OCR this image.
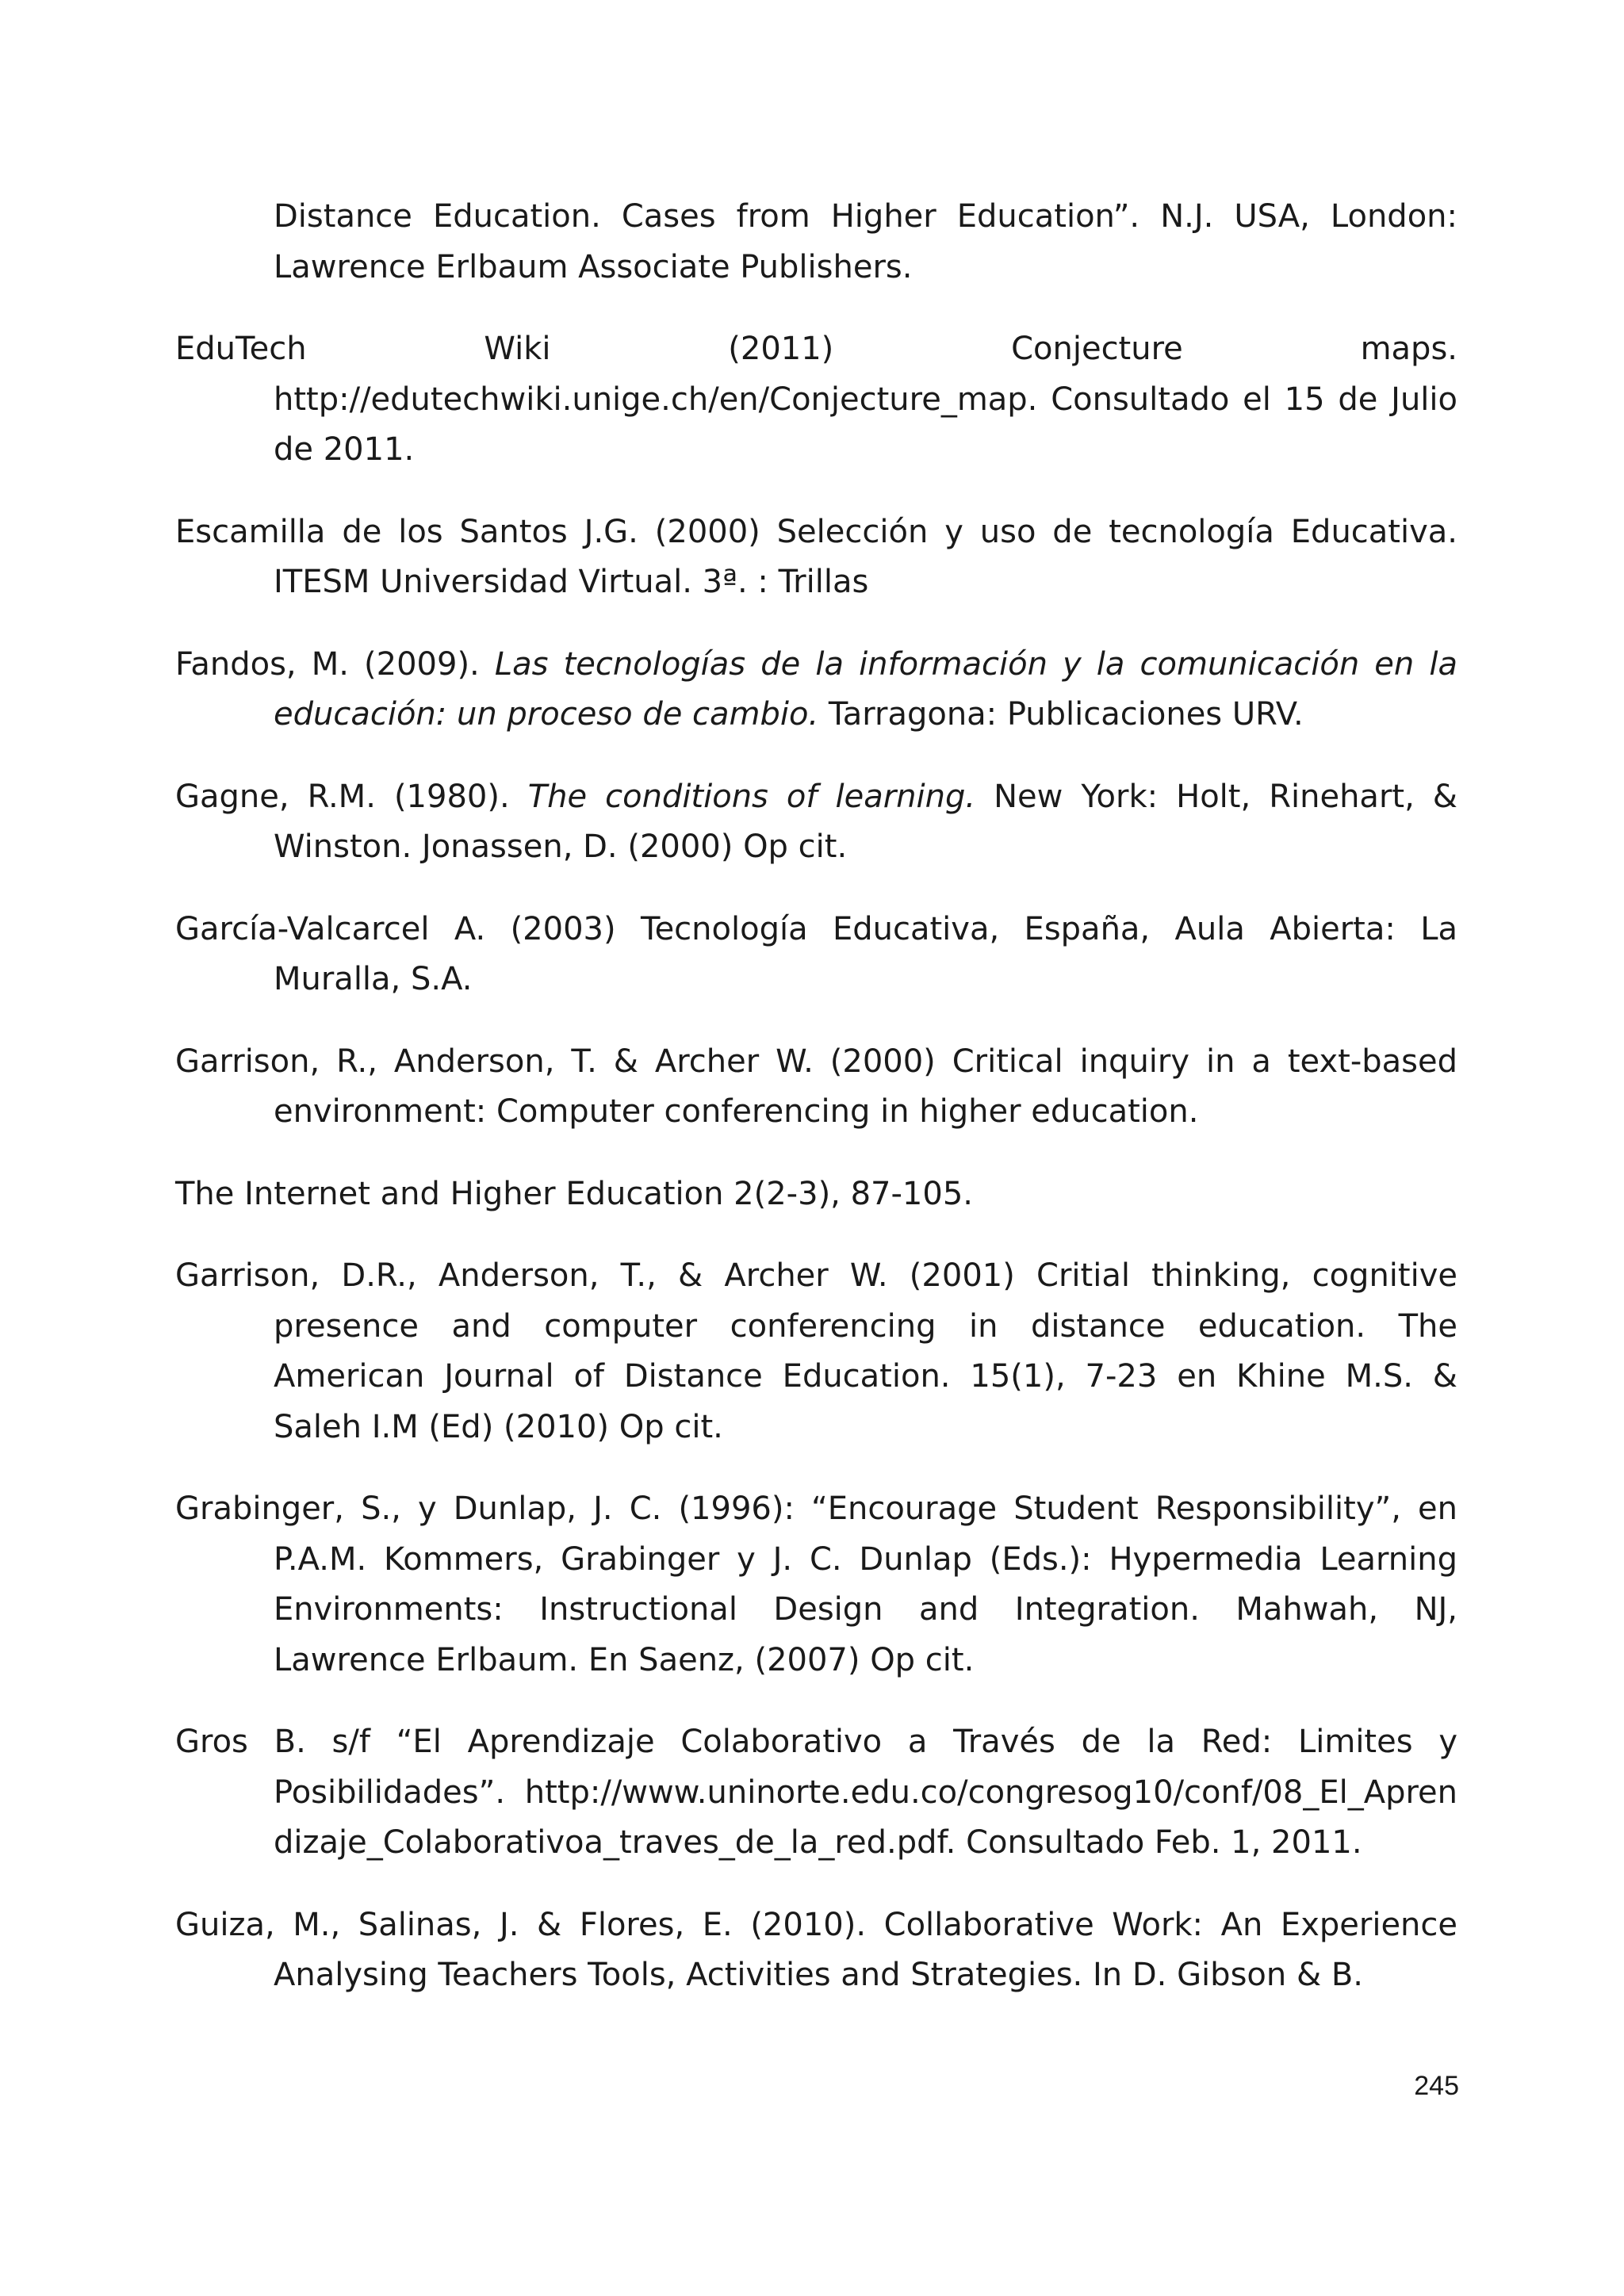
Distance Education. Cases from Higher Education”. N.J. USA, London: Lawrence Erlbaum Associate Publishers.

EduTech Wiki (2011) Conjecture maps. http://edutechwiki.unige.ch/en/Conjecture_map. Consultado el 15 de Julio de 2011.

Escamilla de los Santos J.G. (2000) Selección y uso de tecnología Educativa. ITESM Universidad Virtual. 3ª. : Trillas

Fandos, M. (2009). Las tecnologías de la información y la comunicación en la educación: un proceso de cambio. Tarragona: Publicaciones URV.

Gagne, R.M. (1980). The conditions of learning. New York: Holt, Rinehart, & Winston. Jonassen, D. (2000) Op cit.

García-Valcarcel A. (2003) Tecnología Educativa, España, Aula Abierta: La Muralla, S.A.

Garrison, R., Anderson, T. & Archer W. (2000) Critical inquiry in a text-based environment: Computer conferencing in higher education.

The Internet and Higher Education 2(2-3), 87-105.

Garrison, D.R., Anderson, T., & Archer W. (2001) Critial thinking, cognitive presence and computer conferencing in distance education. The American Journal of Distance Education. 15(1), 7-23 en Khine M.S. & Saleh I.M (Ed) (2010) Op cit.

Grabinger, S., y Dunlap, J. C. (1996): “Encourage Student Responsibility”, en P.A.M. Kommers, Grabinger y J. C. Dunlap (Eds.): Hypermedia Learning Environments: Instructional Design and Integration. Mahwah, NJ, Lawrence Erlbaum. En Saenz, (2007) Op cit.

Gros B. s/f “El Aprendizaje Colaborativo a Través de la Red: Limites y Posibilidades”. http://www.uninorte.edu.co/congresog10/conf/08_El_Aprendizaje_Colaborativoa_traves_de_la_red.pdf. Consultado Feb. 1, 2011.

Guiza, M., Salinas, J. & Flores, E. (2010). Collaborative Work: An Experience Analysing Teachers Tools, Activities and Strategies. In D. Gibson & B.

245
